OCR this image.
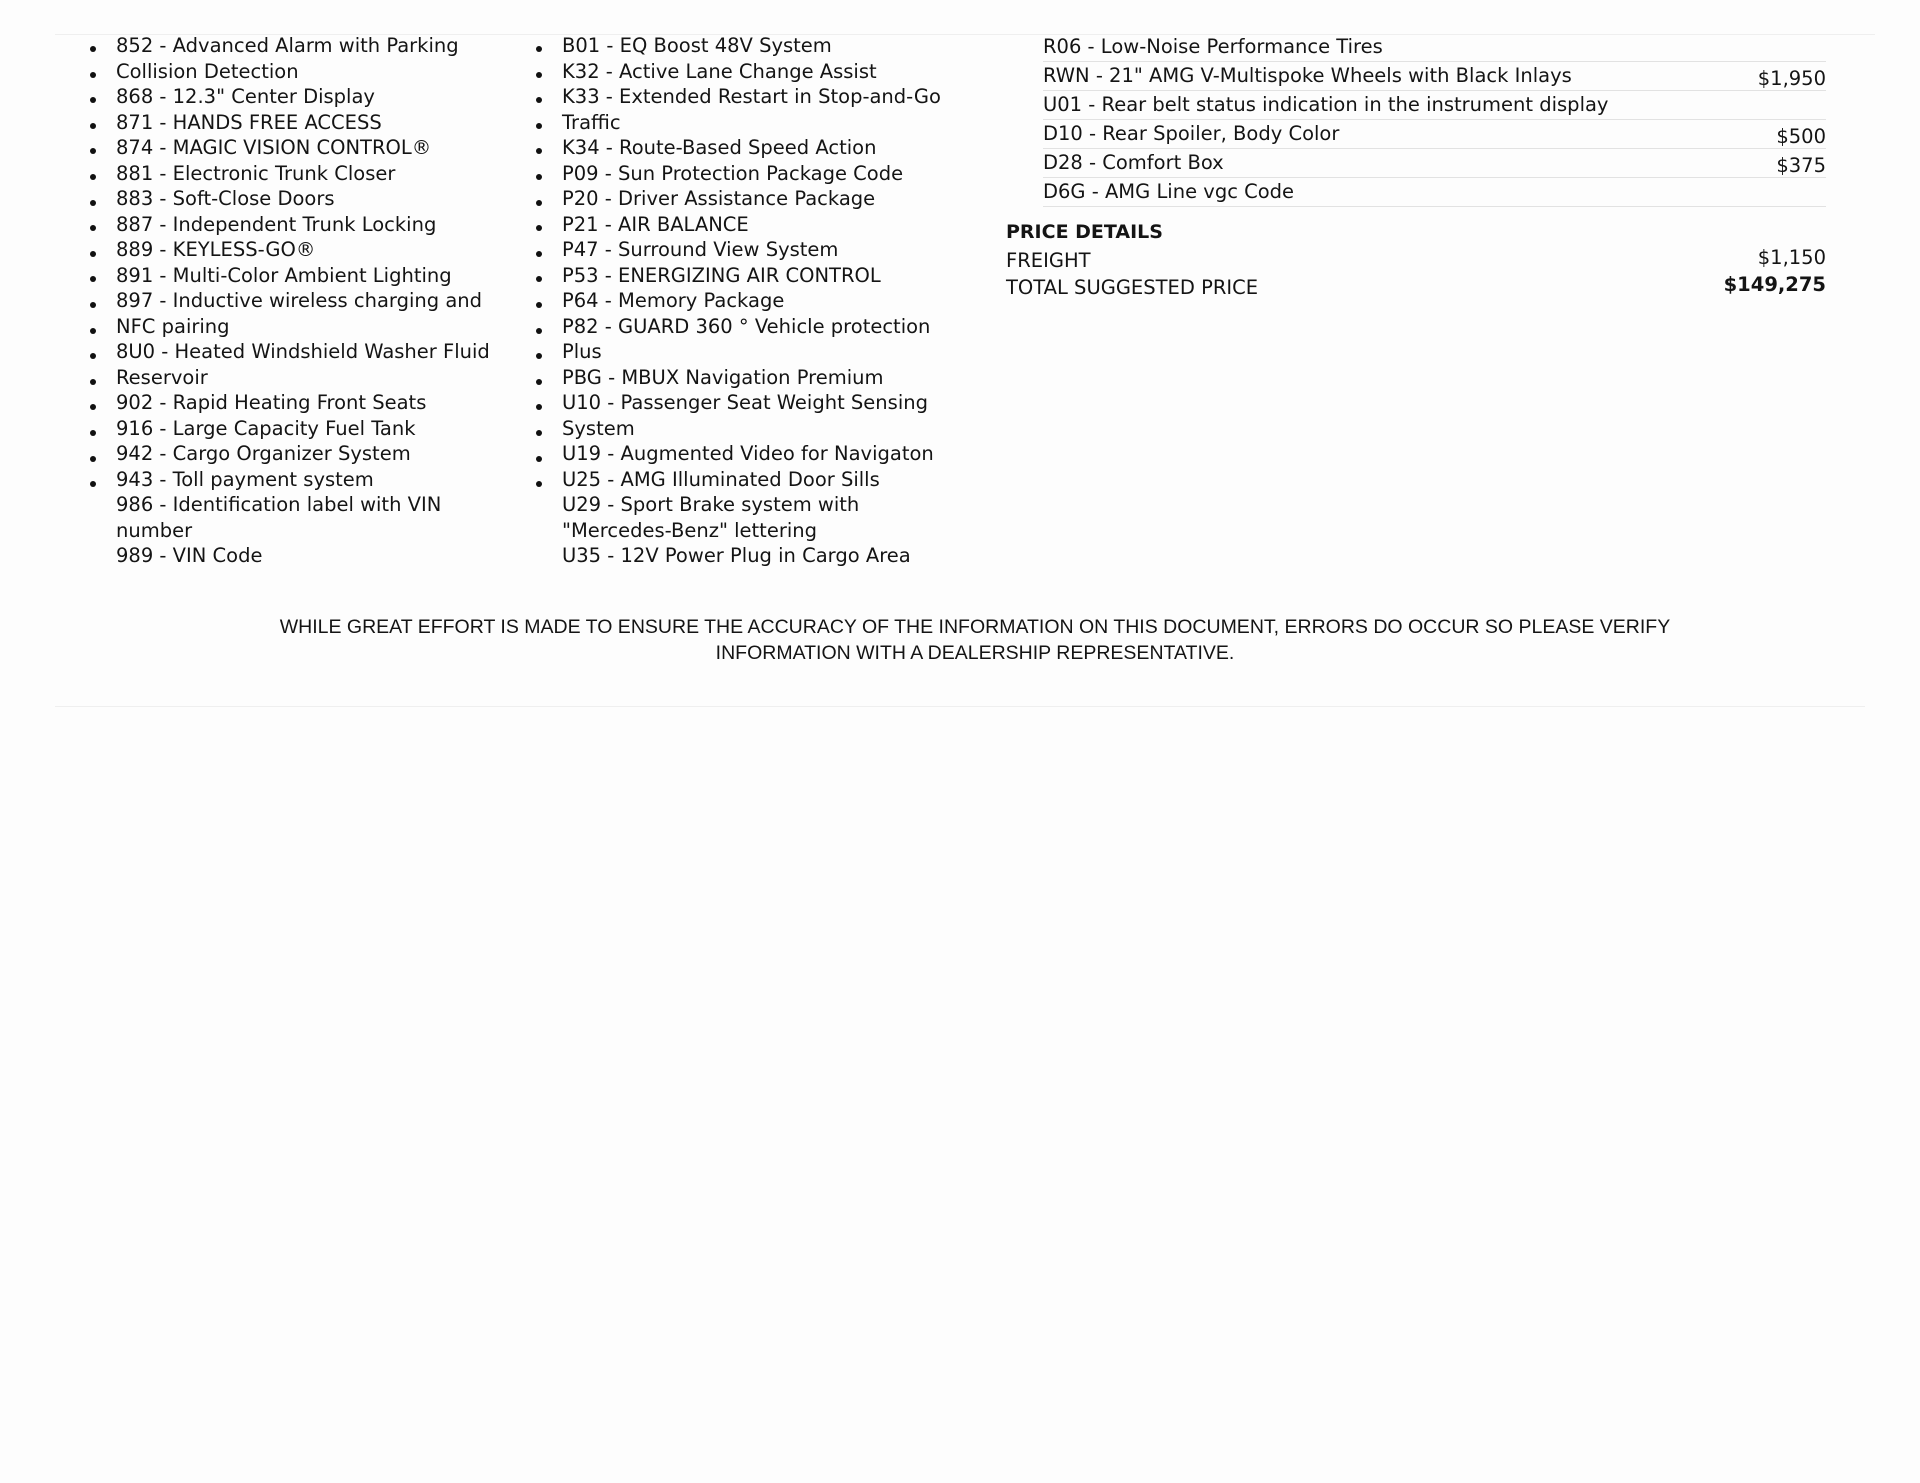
852 - Advanced Alarm with Parking Collision Detection
868 - 12.3" Center Display
871 - HANDS FREE ACCESS
874 - MAGIC VISION CONTROL®
881 - Electronic Trunk Closer
883 - Soft-Close Doors
887 - Independent Trunk Locking
889 - KEYLESS-GO®
891 - Multi-Color Ambient Lighting
897 - Inductive wireless charging and NFC pairing
8U0 - Heated Windshield Washer Fluid Reservoir
902 - Rapid Heating Front Seats
916 - Large Capacity Fuel Tank
942 - Cargo Organizer System
943 - Toll payment system
986 - Identification label with VIN number
989 - VIN Code
B01 - EQ Boost 48V System
K32 - Active Lane Change Assist
K33 - Extended Restart in Stop-and-Go Traffic
K34 - Route-Based Speed Action
P09 - Sun Protection Package Code
P20 - Driver Assistance Package
P21 - AIR BALANCE
P47 - Surround View System
P53 - ENERGIZING AIR CONTROL
P64 - Memory Package
P82 - GUARD 360 ° Vehicle protection Plus
PBG - MBUX Navigation Premium
U10 - Passenger Seat Weight Sensing System
U19 - Augmented Video for Navigaton
U25 - AMG Illuminated Door Sills
U29 - Sport Brake system with "Mercedes-Benz" lettering
U35 - 12V Power Plug in Cargo Area
R06 - Low-Noise Performance Tires
RWN - 21" AMG V-Multispoke Wheels with Black Inlays	$1,950
U01 - Rear belt status indication in the instrument display
D10 - Rear Spoiler, Body Color	$500
D28 - Comfort Box	$375
D6G - AMG Line vgc Code
PRICE DETAILS
FREIGHT	$1,150
TOTAL SUGGESTED PRICE	$149,275
WHILE GREAT EFFORT IS MADE TO ENSURE THE ACCURACY OF THE INFORMATION ON THIS DOCUMENT, ERRORS DO OCCUR SO PLEASE VERIFY
INFORMATION WITH A DEALERSHIP REPRESENTATIVE.
